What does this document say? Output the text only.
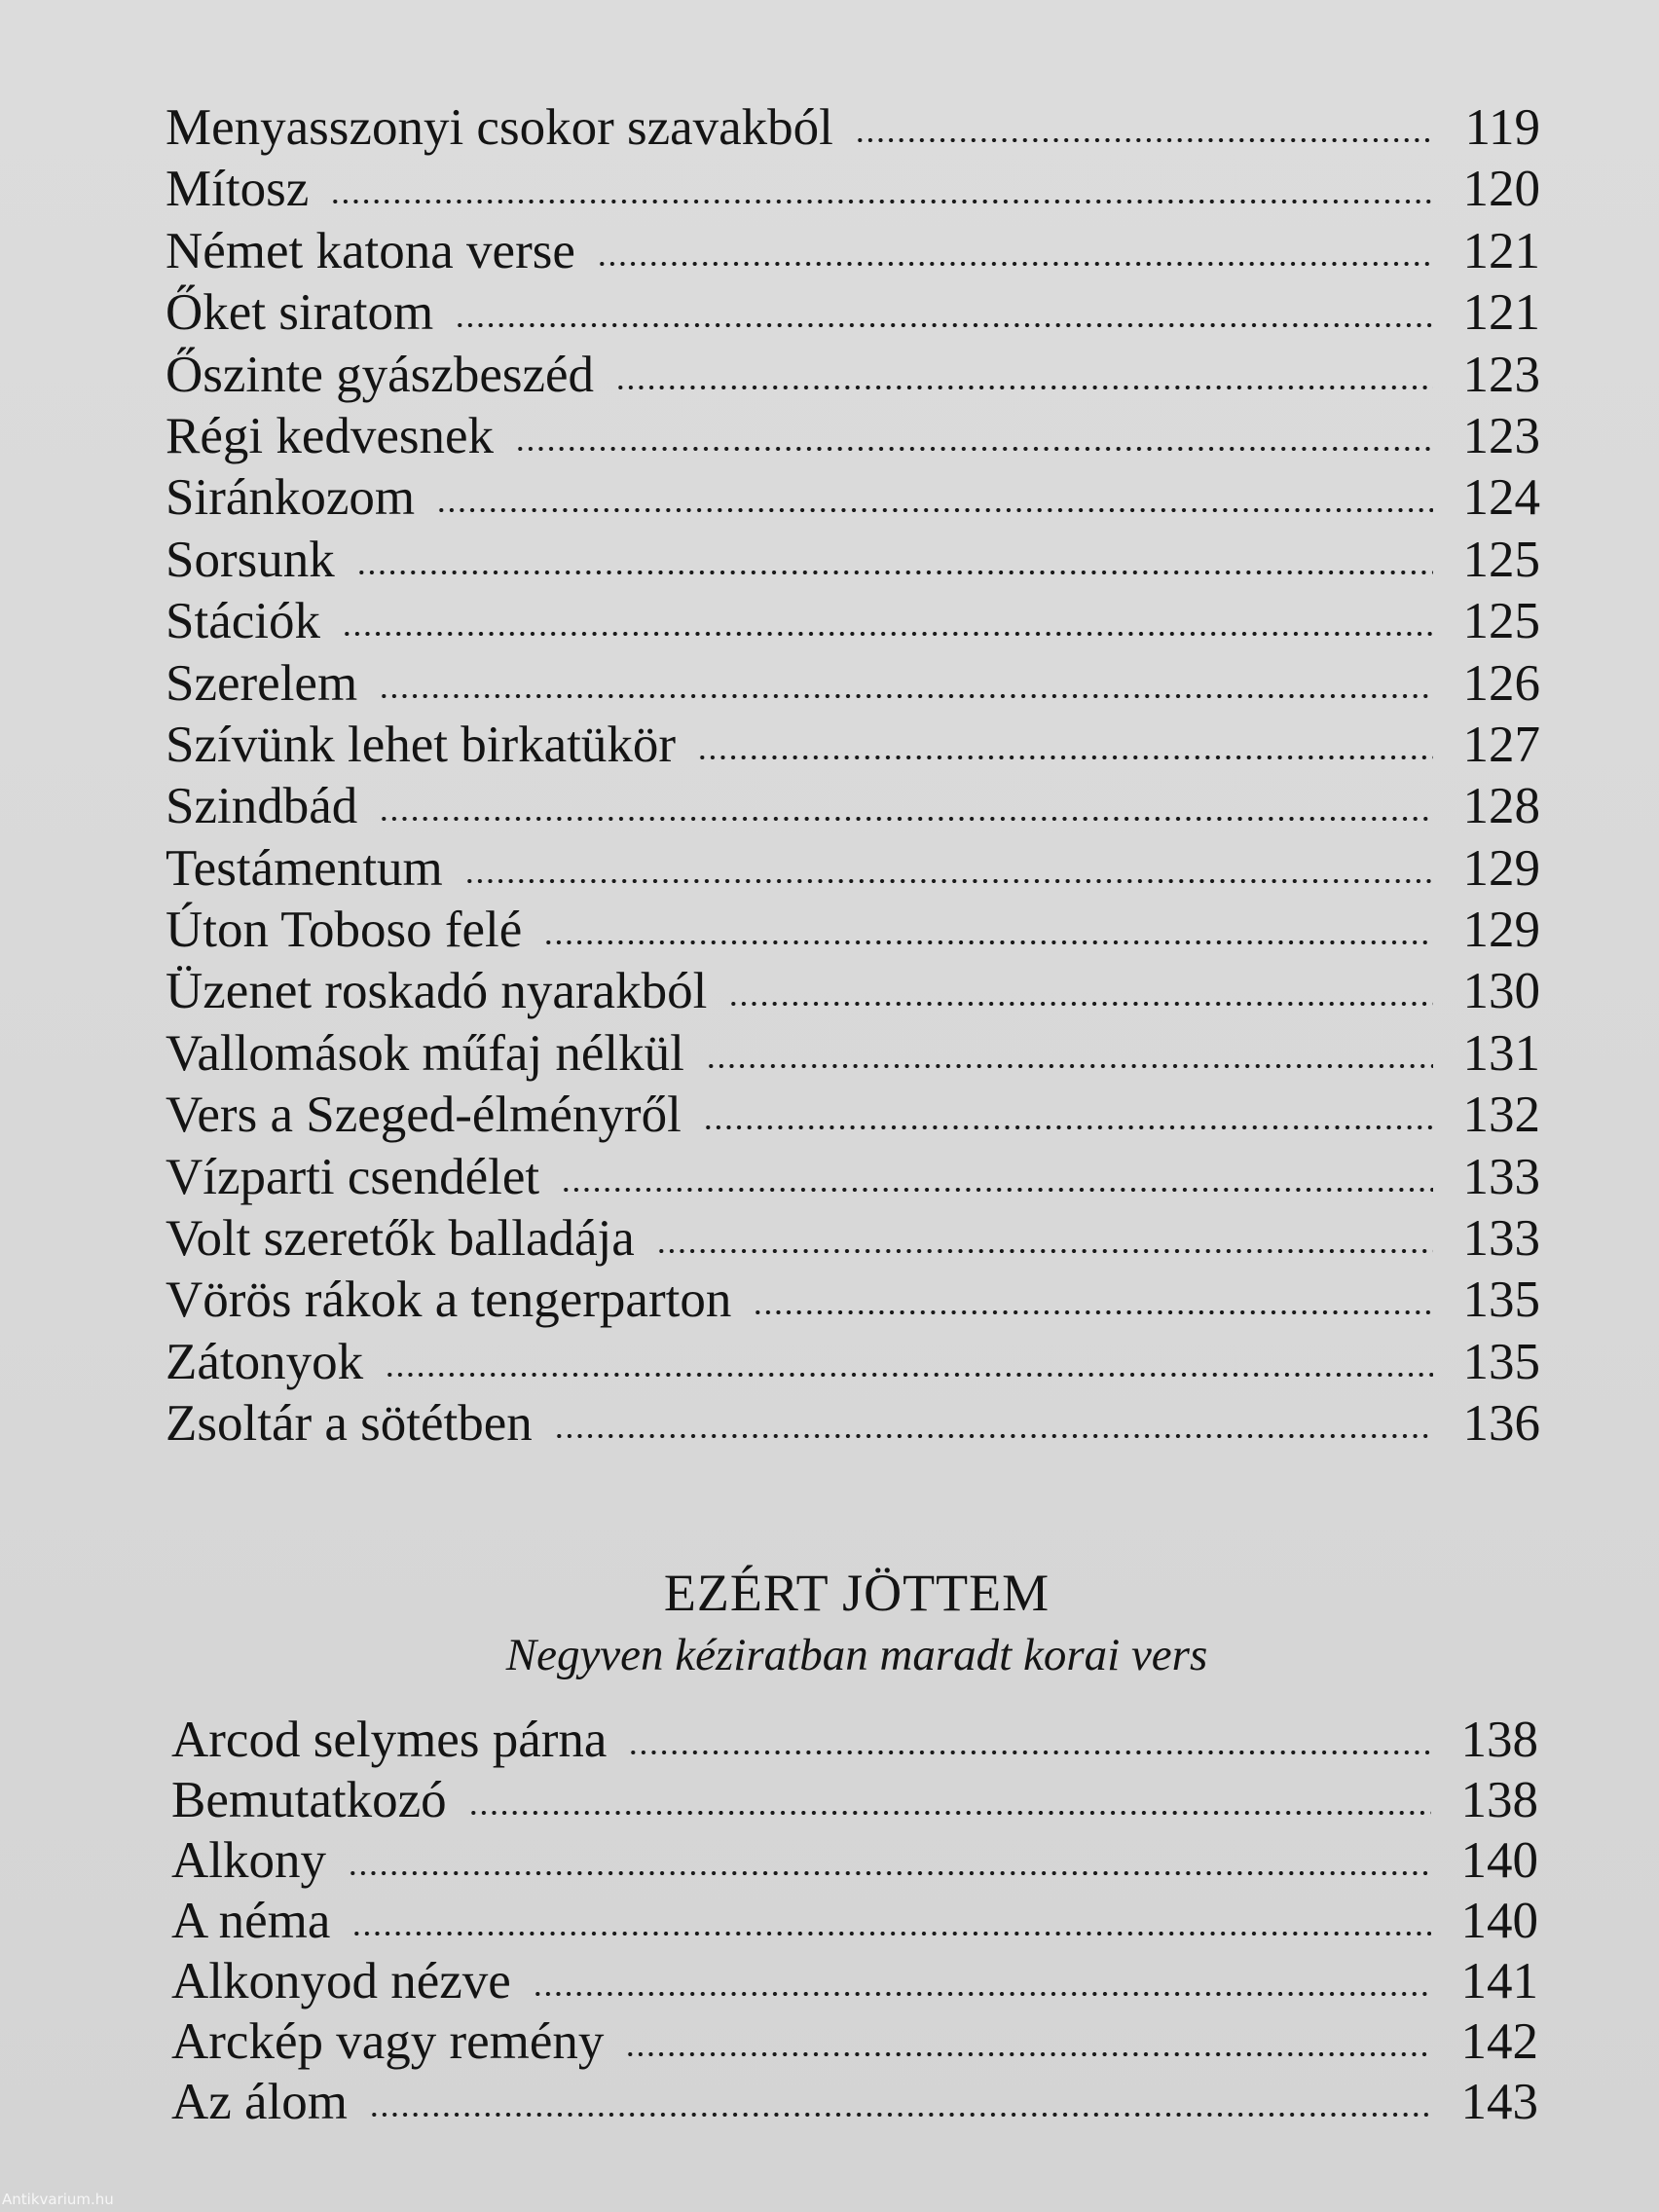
Menyasszonyi csokor szavakból	119
Mítosz	120
Német katona verse	121
Őket siratom	121
Őszinte gyászbeszéd	123
Régi kedvesnek	123
Siránkozom	124
Sorsunk	125
Stációk	125
Szerelem	126
Szívünk lehet birkatükör	127
Szindbád	128
Testámentum	129
Úton Toboso felé	129
Üzenet roskadó nyarakból	130
Vallomások műfaj nélkül	131
Vers a Szeged-élményről	132
Vízparti csendélet	133
Volt szeretők balladája	133
Vörös rákok a tengerparton	135
Zátonyok	135
Zsoltár a sötétben	136
EZÉRT JÖTTEM
Negyven kéziratban maradt korai vers
Arcod selymes párna	138
Bemutatkozó	138
Alkony	140
A néma	140
Alkonyod nézve	141
Arckép vagy remény	142
Az álom	143
Antikvarium.hu
